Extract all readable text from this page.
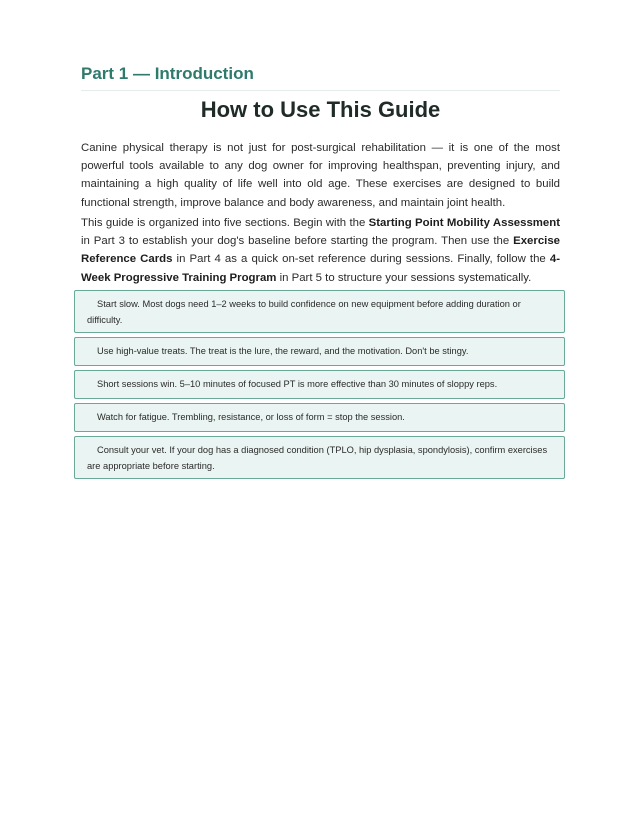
Part 1 — Introduction
How to Use This Guide

Canine physical therapy is not just for post-surgical rehabilitation — it is one of the most powerful tools available to any dog owner for improving healthspan, preventing injury, and maintaining a high quality of life well into old age. These exercises are designed to build functional strength, improve balance and body awareness, and maintain joint health.

This guide is organized into five sections. Begin with the Starting Point Mobility Assessment in Part 3 to establish your dog's baseline before starting the program. Then use the Exercise Reference Cards in Part 4 as a quick on-set reference during sessions. Finally, follow the 4-Week Progressive Training Program in Part 5 to structure your sessions systematically.

Start slow. Most dogs need 1–2 weeks to build confidence on new equipment before adding duration or difficulty.
Use high-value treats. The treat is the lure, the reward, and the motivation. Don't be stingy.
Short sessions win. 5–10 minutes of focused PT is more effective than 30 minutes of sloppy reps.
Watch for fatigue. Trembling, resistance, or loss of form = stop the session.
Consult your vet. If your dog has a diagnosed condition (TPLO, hip dysplasia, spondylosis), confirm exercises are appropriate before starting.
